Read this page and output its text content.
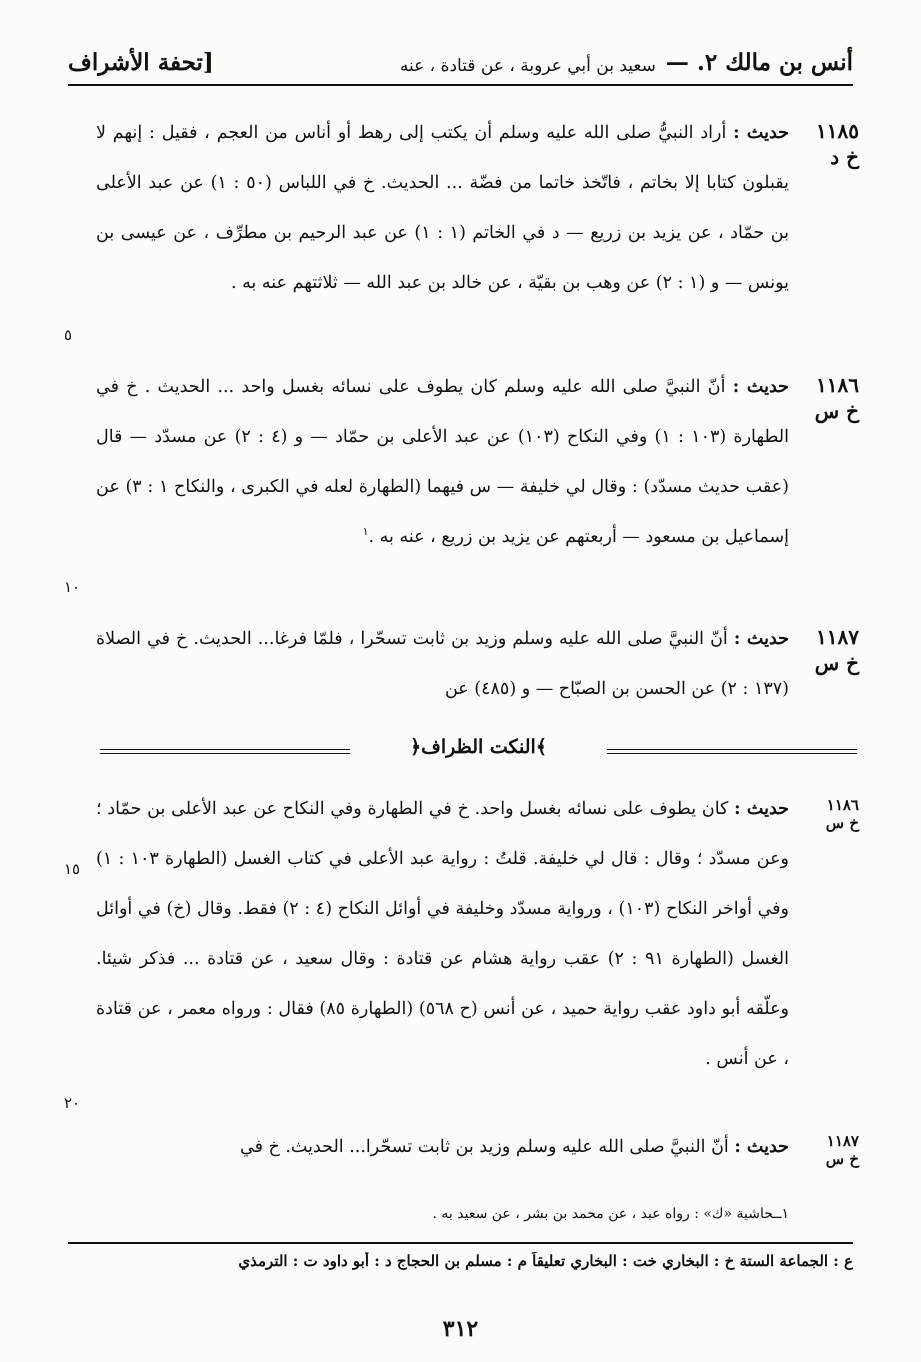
أنس بن مالك ٢. —
سعيد بن أبي عروبة ، عن قتادة ، عنه
[تحفة الأشراف
١١٨٥
خ د
حديث : أراد النبيُّ صلى الله عليه وسلم أن يكتب إلى رهط أو أناس من العجم ، فقيل : إنهم لا يقبلون كتابا إلا بخاتم ، فاتّخذ خاتما من فضّة ... الحديث. خ في اللباس (٥٠ : ١) عن عبد الأعلى بن حمّاد ، عن يزيد بن زريع — د في الخاتم (١ : ١) عن عبد الرحيم بن مطرِّف ، عن عيسى بن يونس — و (١ : ٢) عن وهب بن بقيّة ، عن خالد بن عبد الله — ثلاثتهم عنه به .
١١٨٦
خ س
حديث : أنّ النبيَّ صلى الله عليه وسلم كان يطوف على نسائه بغسل واحد ... الحديث . خ في الطهارة (١٠٣ : ١) وفي النكاح (١٠٣) عن عبد الأعلى بن حمّاد — و (٤ : ٢) عن مسدّد — قال (عقب حديث مسدّد) : وقال لي خليفة — س فيهما (الطهارة لعله في الكبرى ، والنكاح ١ : ٣) عن إسماعيل بن مسعود — أربعتهم عن يزيد بن زريع ، عنه به .$^١$
١١٨٧
خ س
حديث : أنّ النبيَّ صلى الله عليه وسلم وزيد بن ثابت تسحّرا ، فلمّا فرغا... الحديث. خ في الصلاة (١٣٧ : ٢) عن الحسن بن الصبّاح — و (٤٨٥) عن
﴿النكت الظراف﴾
١١٨٦
خ س
حديث : كان يطوف على نسائه بغسل واحد. خ في الطهارة وفي النكاح عن عبد الأعلى بن حمّاد ؛ وعن مسدّد ؛ وقال : قال لي خليفة. قلتُ : رواية عبد الأعلى في كتاب الغسل (الطهارة ١٠٣ : ١) وفي أواخر النكاح (١٠٣) ، ورواية مسدّد وخليفة في أوائل النكاح (٤ : ٢) فقط. وقال (خ) في أوائل الغسل (الطهارة ٩١ : ٢) عقب رواية هشام عن قتادة : وقال سعيد ، عن قتادة ... فذكر شيئا. وعلّقه أبو داود عقب رواية حميد ، عن أنس (ح ٥٦٨) (الطهارة ٨٥) فقال : ورواه معمر ، عن قتادة ، عن أنس .
١١٨٧
خ س
حديث : أنّ النبيَّ صلى الله عليه وسلم وزيد بن ثابت تسحّرا... الحديث. خ في
٥
١٠
١٥
٢٠
١ــحاشية «ك» : رواه عبد ، عن محمد بن بشر ، عن سعيد به .
ع : الجماعة الستة خ : البخاري خت : البخاري تعليقاً م : مسلم بن الحجاج د : أبو داود ت : الترمذي
٣١٢
